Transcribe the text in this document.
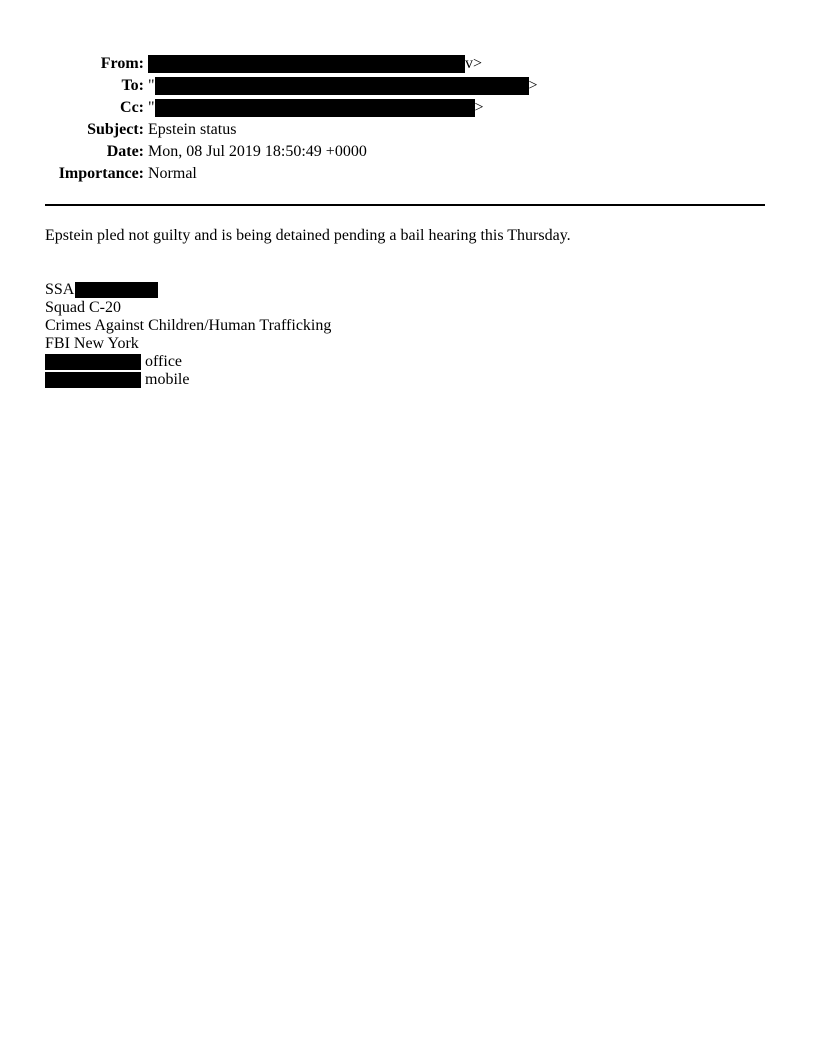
From:	v>
To:	" >
Cc:	" >
Subject:	Epstein status
Date:	Mon, 08 Jul 2019 18:50:49 +0000
Importance:	Normal
Epstein pled not guilty and is being detained pending a bail hearing this Thursday.
SSA
Squad C-20
Crimes Against Children/Human Trafficking
FBI New York
office
mobile
